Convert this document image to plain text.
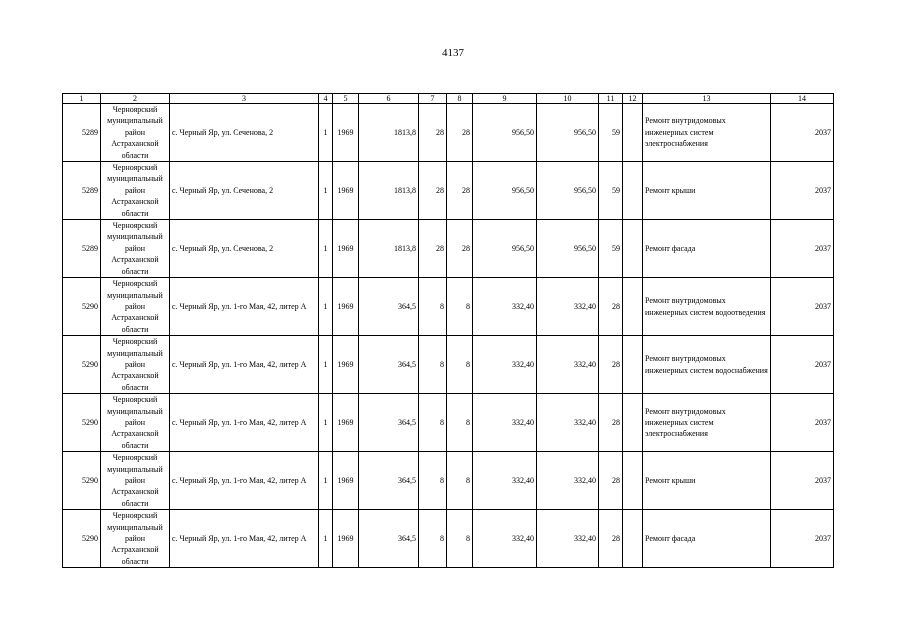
4137
1	2	3	4	5	6	7	8	9	10	11	12	13	14
5289	Черноярский муниципальный район Астраханской области	с. Черный Яр, ул. Сеченова, 2	1	1969	1813,8	28	28	956,50	956,50	59		Ремонт внутридомовых инженерных систем электроснабжения	2037
5289	Черноярский муниципальный район Астраханской области	с. Черный Яр, ул. Сеченова, 2	1	1969	1813,8	28	28	956,50	956,50	59		Ремонт крыши	2037
5289	Черноярский муниципальный район Астраханской области	с. Черный Яр, ул. Сеченова, 2	1	1969	1813,8	28	28	956,50	956,50	59		Ремонт фасада	2037
5290	Черноярский муниципальный район Астраханской области	с. Черный Яр, ул. 1-го Мая, 42, литер А	1	1969	364,5	8	8	332,40	332,40	28		Ремонт внутридомовых инженерных систем водоотведения	2037
5290	Черноярский муниципальный район Астраханской области	с. Черный Яр, ул. 1-го Мая, 42, литер А	1	1969	364,5	8	8	332,40	332,40	28		Ремонт внутридомовых инженерных систем водоснабжения	2037
5290	Черноярский муниципальный район Астраханской области	с. Черный Яр, ул. 1-го Мая, 42, литер А	1	1969	364,5	8	8	332,40	332,40	28		Ремонт внутридомовых инженерных систем электроснабжения	2037
5290	Черноярский муниципальный район Астраханской области	с. Черный Яр, ул. 1-го Мая, 42, литер А	1	1969	364,5	8	8	332,40	332,40	28		Ремонт крыши	2037
5290	Черноярский муниципальный район Астраханской области	с. Черный Яр, ул. 1-го Мая, 42, литер А	1	1969	364,5	8	8	332,40	332,40	28		Ремонт фасада	2037
